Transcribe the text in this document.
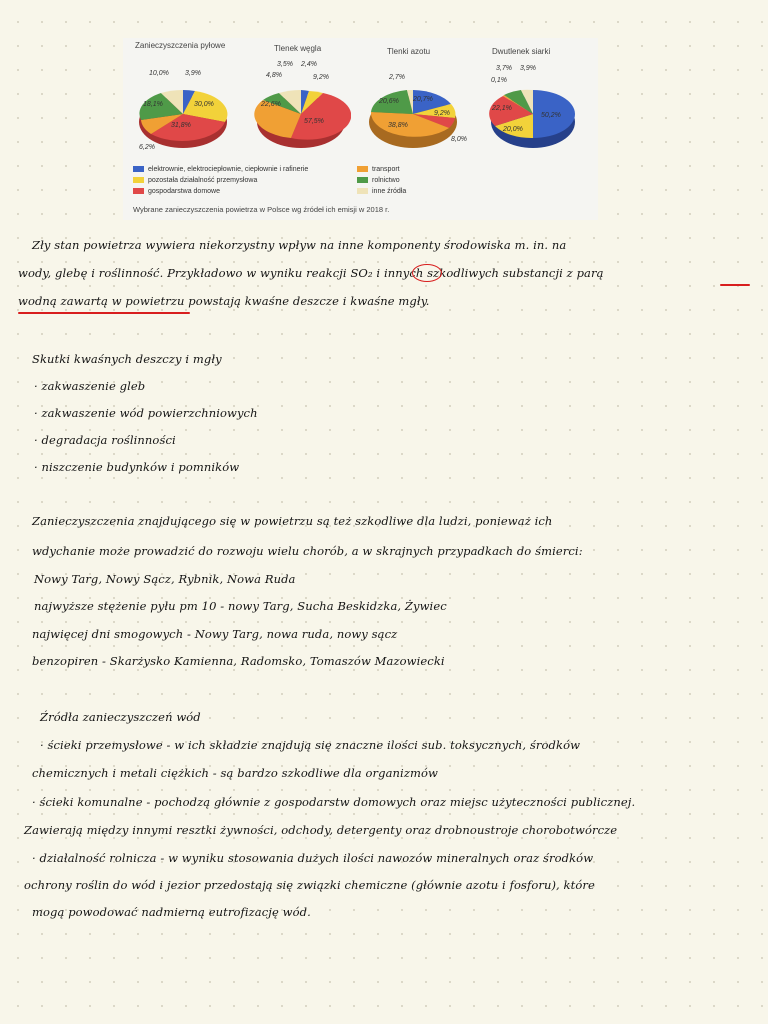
Zanieczyszczenia pyłowe
10,0% 3,9%
18,1%	30,0%
31,8%
6,2%
Tlenek węgla
3,5% 2,4%
4,8%	9,2%
22,6%
57,5%
Tlenki azotu
2,7%
20,6% 20,7%
9,2%
38,8%
8,0%
Dwutlenek siarki
3,7% 3,9%
0,1%
22,1%
50,2%
20,0%
elektrownie, elektrociepłownie, ciepłownie i rafinerie
pozostała działalność przemysłowa
gospodarstwa domowe
transport
rolnictwo
inne źródła
Wybrane zanieczyszczenia powietrza w Polsce wg źródeł ich emisji w 2018 r.
Zły stan powietrza wywiera niekorzystny wpływ na inne komponenty środowiska m. in. na
wody, glebę i roślinność. Przykładowo w wyniku reakcji SO₂ i innych szkodliwych substancji z parą
wodną zawartą w powietrzu powstają kwaśne deszcze i kwaśne mgły.
Skutki kwaśnych deszczy i mgły
· zakwaszenie gleb
· zakwaszenie wód powierzchniowych
· degradacja roślinności
· niszczenie budynków i pomników
Zanieczyszczenia znajdującego się w powietrzu są też szkodliwe dla ludzi, ponieważ ich
wdychanie może prowadzić do rozwoju wielu chorób, a w skrajnych przypadkach do śmierci:
Nowy Targ, Nowy Sącz, Rybnik, Nowa Ruda
najwyższe stężenie pyłu pm 10 - nowy Targ, Sucha Beskidzka, Żywiec
najwięcej dni smogowych - Nowy Targ, nowa ruda, nowy sącz
benzopiren - Skarżysko Kamienna, Radomsko, Tomaszów Mazowiecki
Źródła zanieczyszczeń wód
· ścieki przemysłowe - w ich składzie znajdują się znaczne ilości sub. toksycznych, środków
chemicznych i metali ciężkich - są bardzo szkodliwe dla organizmów
· ścieki komunalne - pochodzą głównie z gospodarstw domowych oraz miejsc użyteczności publicznej.
Zawierają między innymi resztki żywności, odchody, detergenty oraz drobnoustroje chorobotwórcze
· działalność rolnicza - w wyniku stosowania dużych ilości nawozów mineralnych oraz środków
ochrony roślin do wód i jezior przedostają się związki chemiczne (głównie azotu i fosforu), które
mogą powodować nadmierną eutrofizację wód.
